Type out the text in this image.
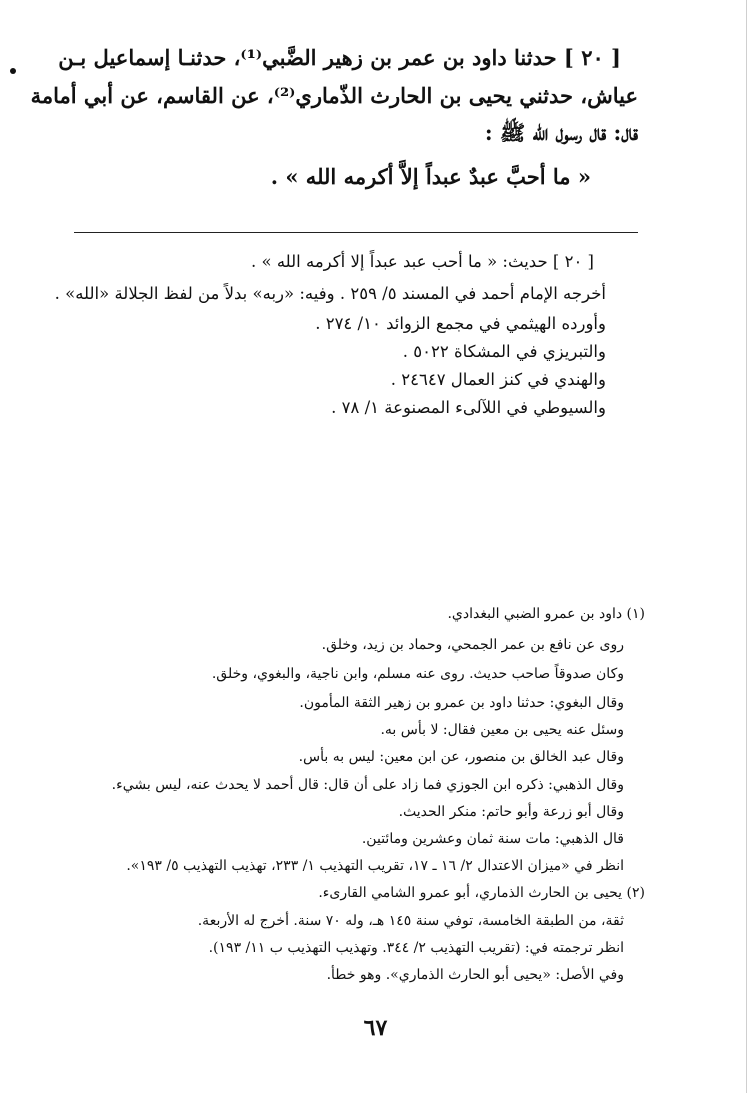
[ ٢٠ ] حدثنا داود بن عمر بن زهير الضَّبي⁽¹⁾، حدثنـا إسماعيل بـن
عياش، حدثني يحيى بن الحارث الذّماري⁽²⁾، عن القاسم، عن أبي أمامة
قال: قال رسول الله ﷺ :
« ما أحبَّ عبدٌ عبداً إلاَّ أكرمه الله » .
[ ٢٠ ] حديث: « ما أحب عبد عبداً إلا أكرمه الله » .
أخرجه الإمام أحمد في المسند ٥/ ٢٥٩ . وفيه: «ربه» بدلاً من لفظ الجلالة «الله» .
وأورده الهيثمي في مجمع الزوائد ١٠/ ٢٧٤ .
والتبريزي في المشكاة ٥٠٢٢ .
والهندي في كنز العمال ٢٤٦٤٧ .
والسيوطي في اللآلىء المصنوعة ١/ ٧٨ .
(١) داود بن عمرو الضبي البغدادي.
روى عن نافع بن عمر الجمحي، وحماد بن زيد، وخلق.
وكان صدوقاً صاحب حديث. روى عنه مسلم، وابن ناجية، والبغوي، وخلق.
وقال البغوي: حدثنا داود بن عمرو بن زهير الثقة المأمون.
وسئل عنه يحيى بن معين فقال: لا بأس به.
وقال عبد الخالق بن منصور، عن ابن معين: ليس به بأس.
وقال الذهبي: ذكره ابن الجوزي فما زاد على أن قال: قال أحمد لا يحدث عنه، ليس بشيء.
وقال أبو زرعة وأبو حاتم: منكر الحديث.
قال الذهبي: مات سنة ثمان وعشرين ومائتين.
انظر في «ميزان الاعتدال ٢/ ١٦ ـ ١٧، تقريب التهذيب ١/ ٢٣٣، تهذيب التهذيب ٥/ ١٩٣».
(٢) يحيى بن الحارث الذماري، أبو عمرو الشامي القارىء.
ثقة، من الطبقة الخامسة، توفي سنة ١٤٥ هـ، وله ٧٠ سنة. أخرج له الأربعة.
انظر ترجمته في: (تقريب التهذيب ٢/ ٣٤٤. وتهذيب التهذيب ب ١١/ ١٩٣).
وفي الأصل: «يحيى أبو الحارث الذماري». وهو خطأ.
٦٧
